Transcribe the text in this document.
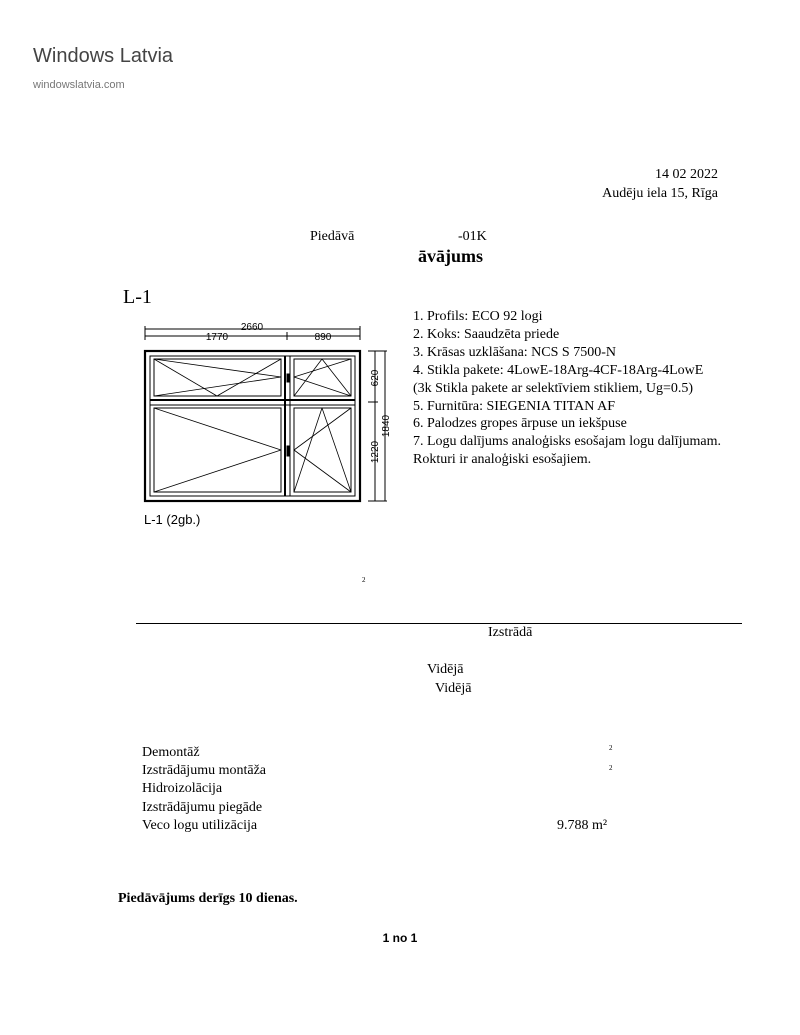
Windows Latvia
windowslatvia.com
14 02 2022
Audēju iela 15, Rīga
Piedāvā	-01K
āvājums
L-1
2660
1770	890
1840
620
1220
L-1 (2gb.)
1. Profils: ECO 92 logi
2. Koks: Saaudzēta priede
3. Krāsas uzklāšana: NCS S 7500-N
4. Stikla pakete: 4LowE-18Arg-4CF-18Arg-4LowE
(3k Stikla pakete ar selektīviem stikliem, Ug=0.5)
5. Furnitūra: SIEGENIA TITAN AF
6. Palodzes gropes ārpuse un iekšpuse
7. Logu dalījums analoģisks esošajam logu dalījumam.
Rokturi ir analoģiski esošajiem.
2
Izstrādā
Vidējā
Vidējā
Demontāž
Izstrādājumu montāža
Hidroizolācija
Izstrādājumu piegāde
Veco logu utilizācija
2
2
9.788 m²
Piedāvājums derīgs 10 dienas.
1 no 1
